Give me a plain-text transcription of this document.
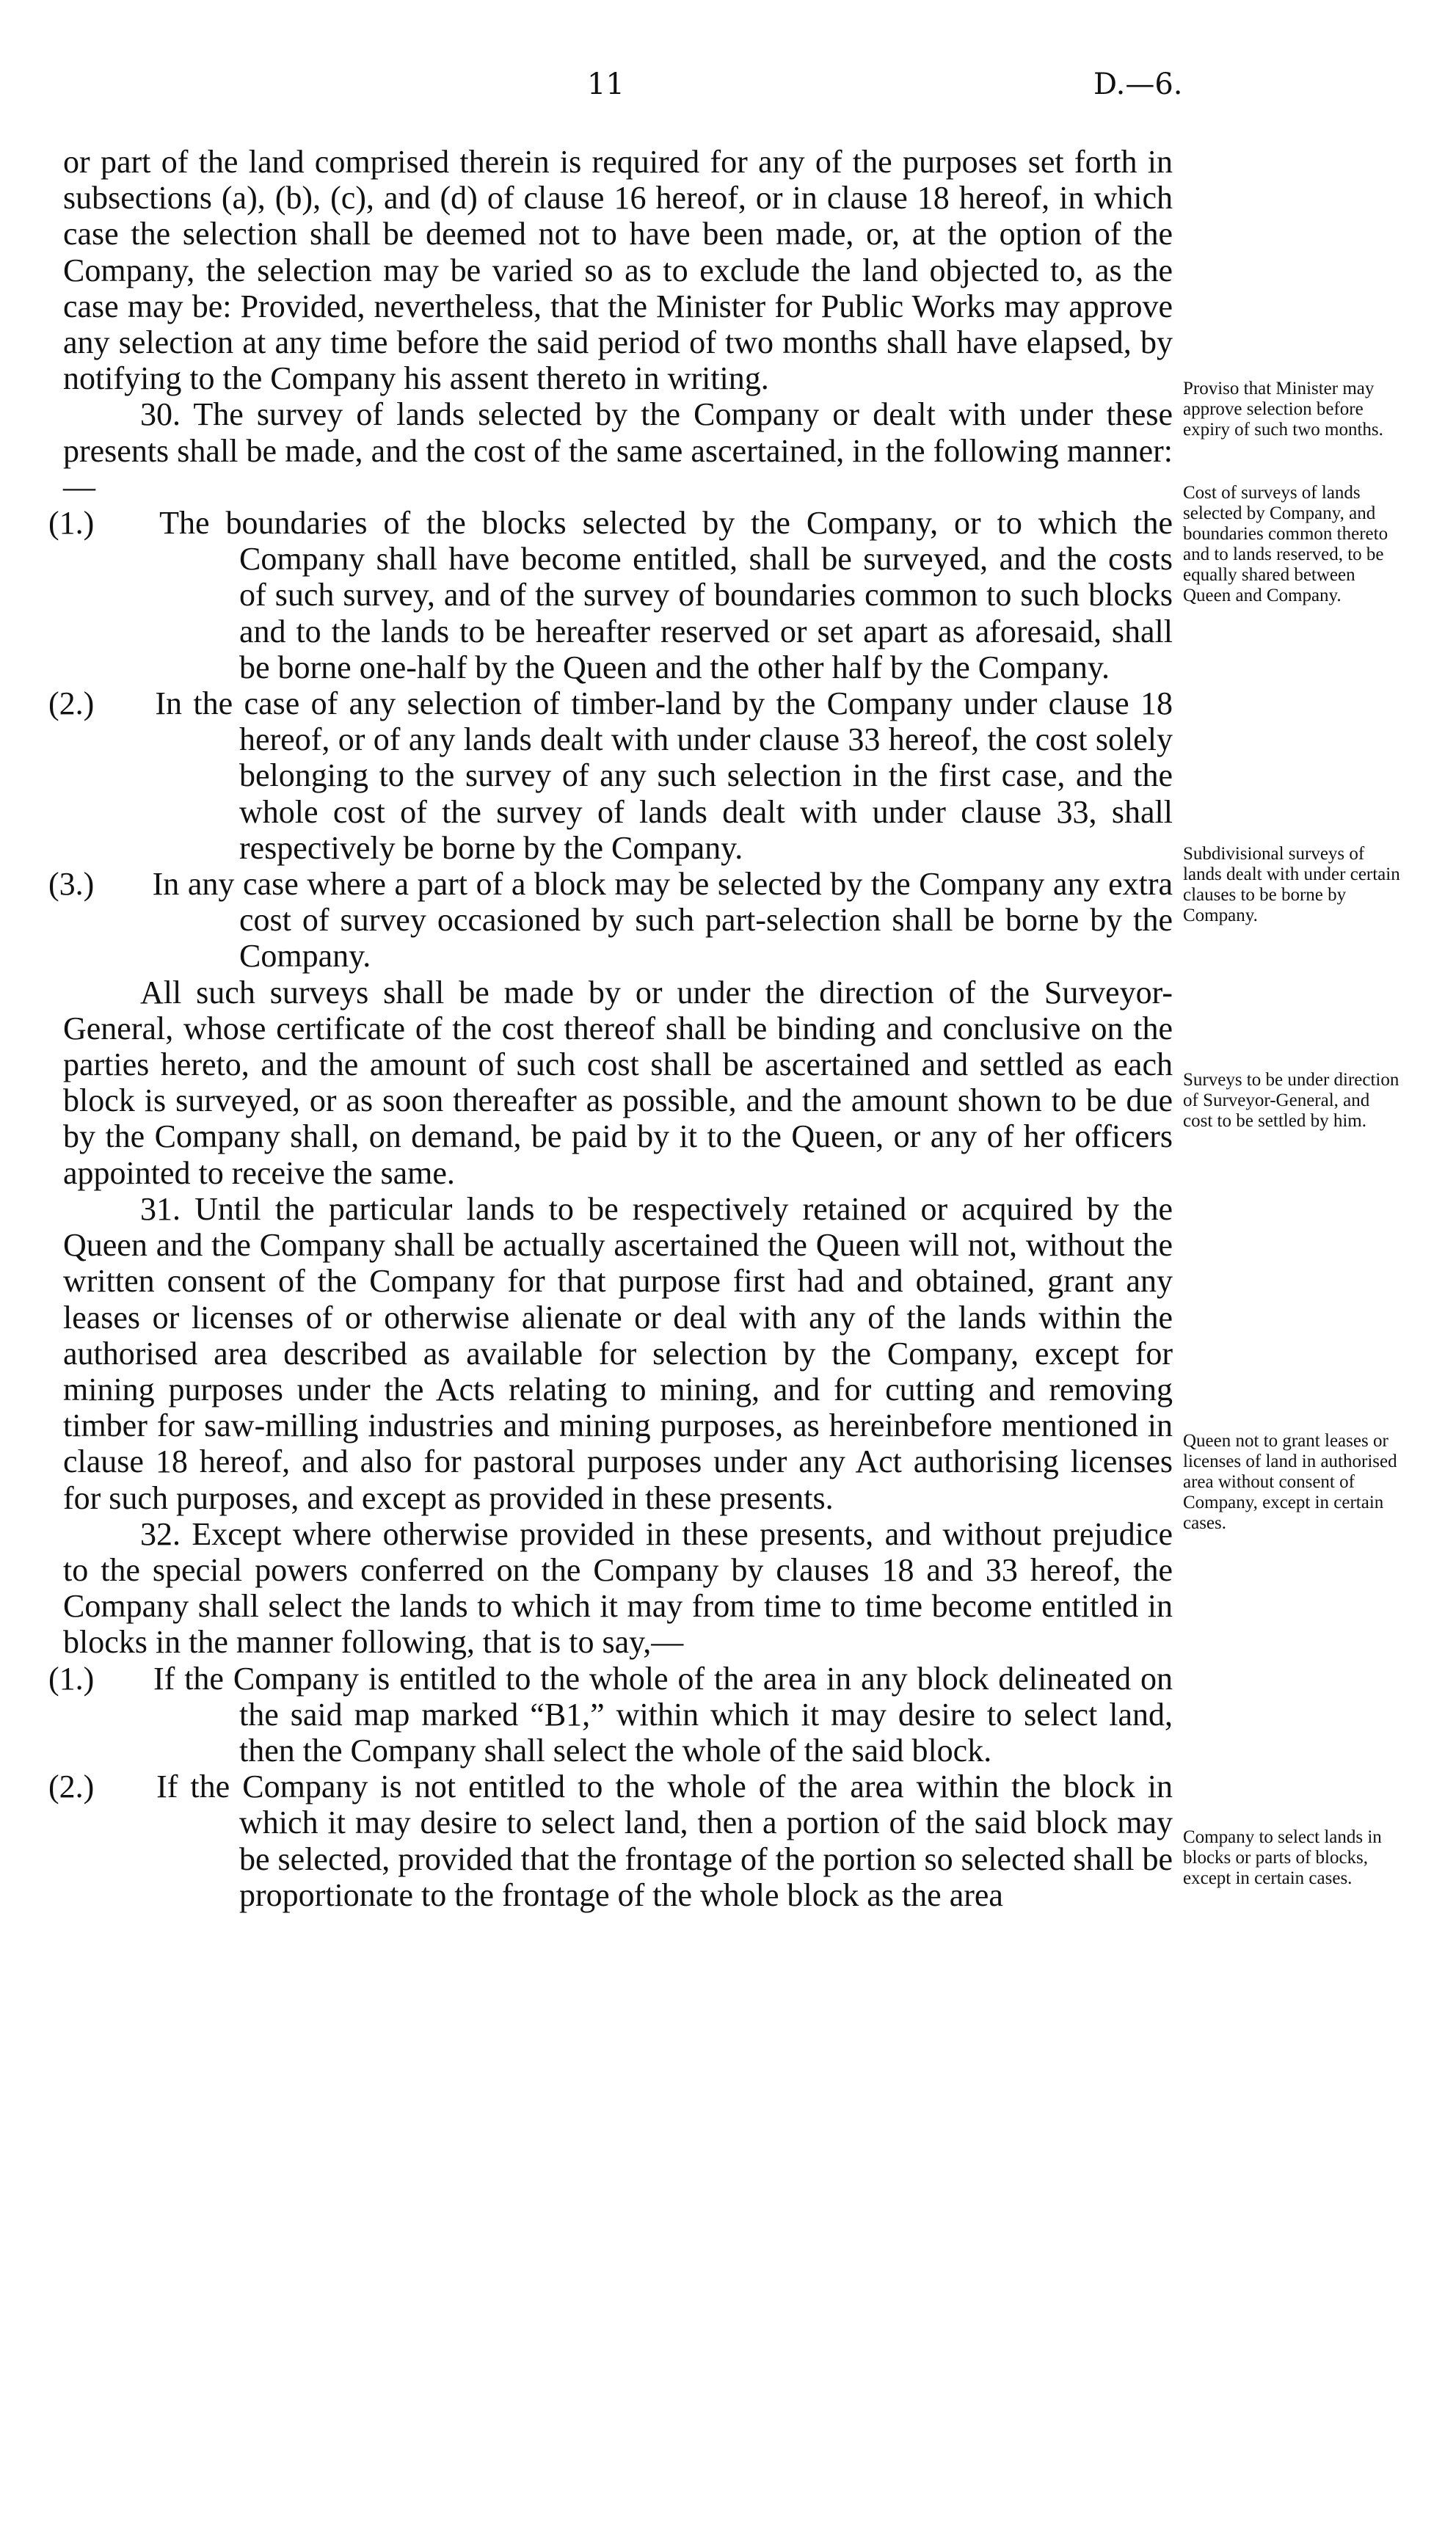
11	D.—6.

or part of the land comprised therein is required for any of the purposes set forth in subsections (a), (b), (c), and (d) of clause 16 hereof, or in clause 18 hereof, in which case the selection shall be deemed not to have been made, or, at the option of the Company, the selection may be varied so as to exclude the land objected to, as the case may be: Provided, nevertheless, that the Minister for Public Works may approve any selection at any time before the said period of two months shall have elapsed, by notifying to the Company his assent thereto in writing.

30. The survey of lands selected by the Company or dealt with under these presents shall be made, and the cost of the same ascertained, in the following manner:—

(1.) The boundaries of the blocks selected by the Company, or to which the Company shall have become entitled, shall be surveyed, and the costs of such survey, and of the survey of boundaries common to such blocks and to the lands to be hereafter reserved or set apart as aforesaid, shall be borne one-half by the Queen and the other half by the Company.

(2.) In the case of any selection of timber-land by the Company under clause 18 hereof, or of any lands dealt with under clause 33 hereof, the cost solely belonging to the survey of any such selection in the first case, and the whole cost of the survey of lands dealt with under clause 33, shall respectively be borne by the Company.

(3.) In any case where a part of a block may be selected by the Company any extra cost of survey occasioned by such part-selection shall be borne by the Company.

All such surveys shall be made by or under the direction of the Surveyor-General, whose certificate of the cost thereof shall be binding and conclusive on the parties hereto, and the amount of such cost shall be ascertained and settled as each block is surveyed, or as soon thereafter as possible, and the amount shown to be due by the Company shall, on demand, be paid by it to the Queen, or any of her officers appointed to receive the same.

31. Until the particular lands to be respectively retained or acquired by the Queen and the Company shall be actually ascertained the Queen will not, without the written consent of the Company for that purpose first had and obtained, grant any leases or licenses of or otherwise alienate or deal with any of the lands within the authorised area described as available for selection by the Company, except for mining purposes under the Acts relating to mining, and for cutting and removing timber for saw-milling industries and mining purposes, as hereinbefore mentioned in clause 18 hereof, and also for pastoral purposes under any Act authorising licenses for such purposes, and except as provided in these presents.

32. Except where otherwise provided in these presents, and without prejudice to the special powers conferred on the Company by clauses 18 and 33 hereof, the Company shall select the lands to which it may from time to time become entitled in blocks in the manner following, that is to say,—

(1.) If the Company is entitled to the whole of the area in any block delineated on the said map marked “B1,” within which it may desire to select land, then the Company shall select the whole of the said block.

(2.) If the Company is not entitled to the whole of the area within the block in which it may desire to select land, then a portion of the said block may be selected, provided that the frontage of the portion so selected shall be proportionate to the frontage of the whole block as the area

Proviso that Minister may approve selection before expiry of such two months.
Cost of surveys of lands selected by Company, and boundaries common thereto and to lands reserved, to be equally shared between Queen and Company.
Subdivisional surveys of lands dealt with under certain clauses to be borne by Company.
Surveys to be under direction of Surveyor-General, and cost to be settled by him.
Queen not to grant leases or licenses of land in authorised area without consent of Company, except in certain cases.
Company to select lands in blocks or parts of blocks, except in certain cases.
